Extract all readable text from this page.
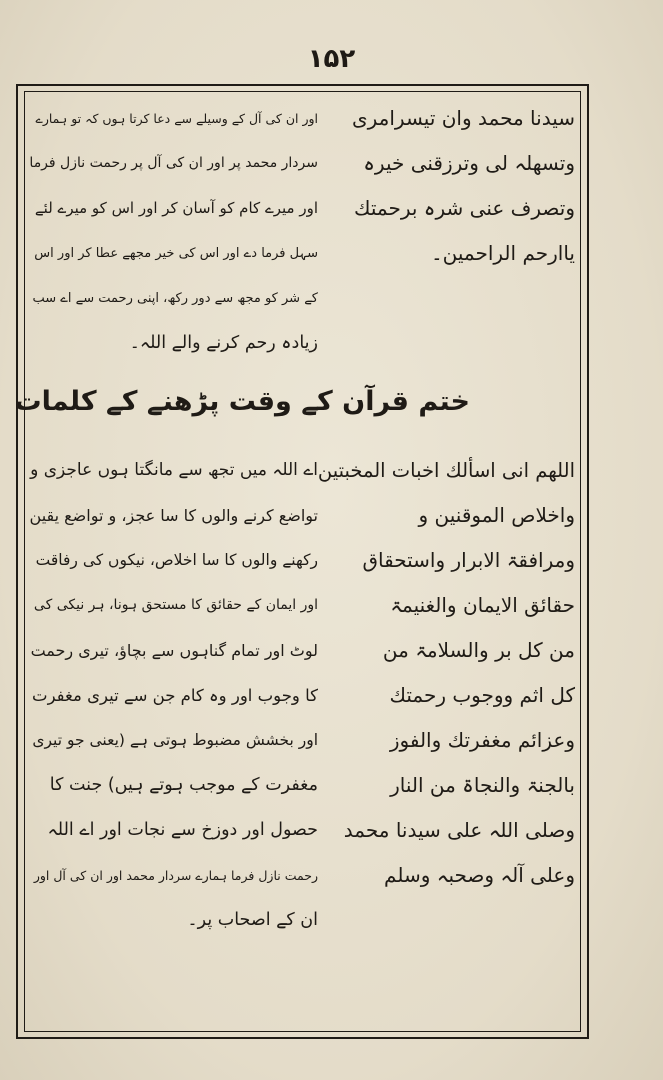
۱۵۲
سیدنا محمد وان تیسرامری
وتسھلہ لی وترزقنی خیرہ
وتصرف عنی شرہ برحمتك
یاارحم الراحمین۔
اور ان کی آل کے وسیلے سے دعا کرتا ہوں کہ تو ہمارے
سردار محمد پر اور ان کی آل پر رحمت نازل فرما
اور میرے کام کو آسان کر اور اس کو میرے لئے
سہل فرما دے اور اس کی خیر مجھے عطا کر اور اس
کے شر کو مجھ سے دور رکھ، اپنی رحمت سے اے سب
زیادہ رحم کرنے والے اللہ۔
ختم قرآن کے وقت پڑھنے کے کلمات
اللھم انی اسألك اخبات المخبتین
واخلاص الموقنین و
ومرافقۃ الابرار واستحقاق
حقائق الایمان والغنیمۃ
من کل بر والسلامۃ من
کل اثم ووجوب رحمتك
وعزائم مغفرتك والفوز
بالجنۃ والنجاۃ من النار
وصلی اللہ علی سیدنا محمد
وعلی آلہ وصحبہ وسلم
اے اللہ میں تجھ سے مانگتا ہوں عاجزی و
تواضع کرنے والوں کا سا عجز، و تواضع یقین
رکھنے والوں کا سا اخلاص، نیکوں کی رفاقت
اور ایمان کے حقائق کا مستحق ہونا، ہر نیکی کی
لوٹ اور تمام گناہوں سے بچاؤ، تیری رحمت
کا وجوب اور وہ کام جن سے تیری مغفرت
اور بخشش مضبوط ہوتی ہے (یعنی جو تیری
مغفرت کے موجب ہوتے ہیں) جنت کا
حصول اور دوزخ سے نجات اور اے اللہ
رحمت نازل فرما ہمارے سردار محمد اور ان کی آل اور
ان کے اصحاب پر۔
